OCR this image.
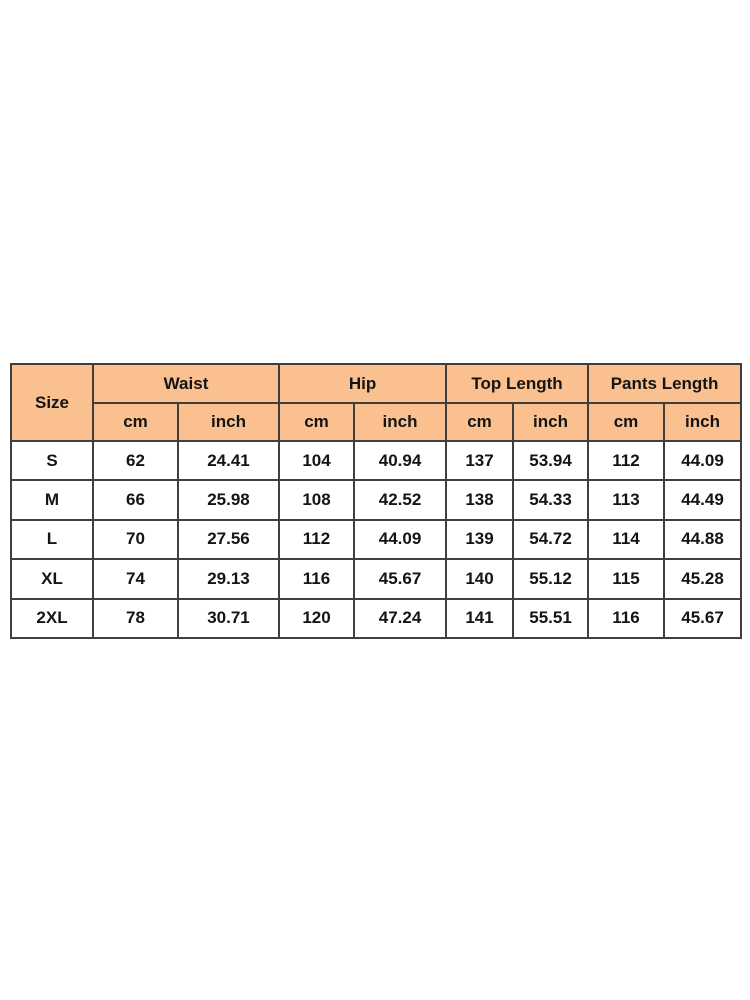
Size	Waist		Hip		Top Length		Pants Length	
	cm	inch	cm	inch	cm	inch	cm	inch
S	62	24.41	104	40.94	137	53.94	112	44.09
M	66	25.98	108	42.52	138	54.33	113	44.49
L	70	27.56	112	44.09	139	54.72	114	44.88
XL	74	29.13	116	45.67	140	55.12	115	45.28
2XL	78	30.71	120	47.24	141	55.51	116	45.67
